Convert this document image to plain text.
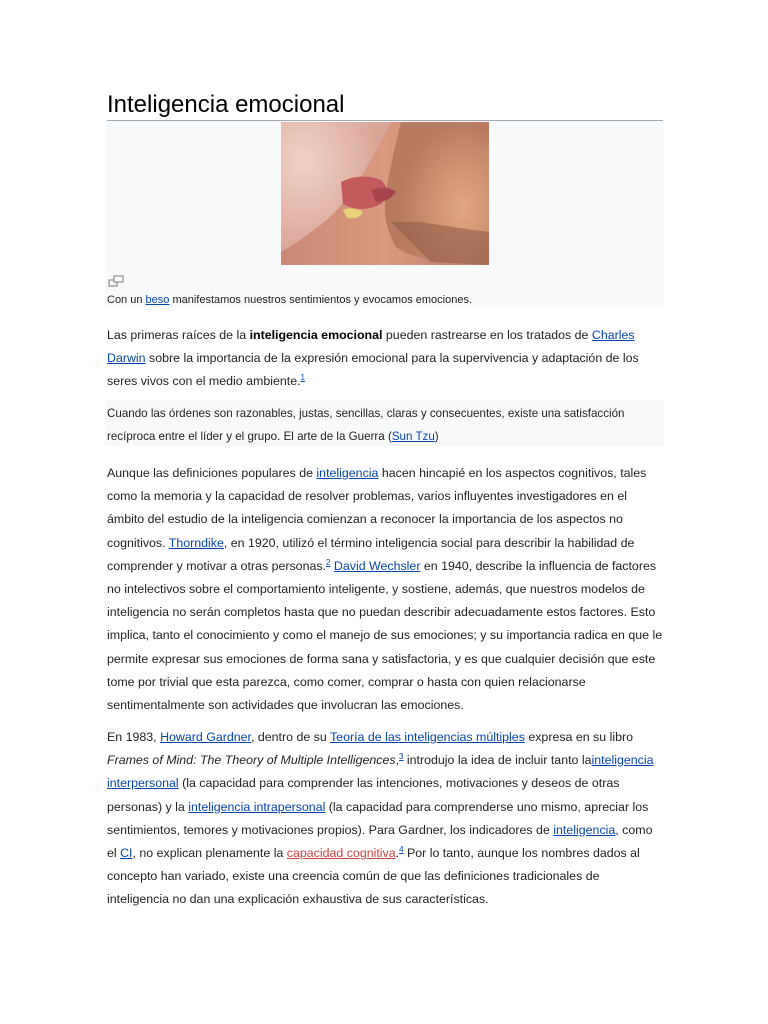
Inteligencia emocional
Con un beso manifestamos nuestros sentimientos y evocamos emociones.

Las primeras raíces de la inteligencia emocional pueden rastrearse en los tratados de Charles Darwin sobre la importancia de la expresión emocional para la supervivencia y adaptación de los seres vivos con el medio ambiente.$^1$

Cuando las órdenes son razonables, justas, sencillas, claras y consecuentes, existe una satisfacción recíproca entre el líder y el grupo. El arte de la Guerra (Sun Tzu)

Aunque las definiciones populares de inteligencia hacen hincapié en los aspectos cognitivos, tales como la memoria y la capacidad de resolver problemas, varios influyentes investigadores en el ámbito del estudio de la inteligencia comienzan a reconocer la importancia de los aspectos no cognitivos. Thorndike, en 1920, utilizó el término inteligencia social para describir la habilidad de comprender y motivar a otras personas.$^2$ David Wechsler en 1940, describe la influencia de factores no intelectivos sobre el comportamiento inteligente, y sostiene, además, que nuestros modelos de inteligencia no serán completos hasta que no puedan describir adecuadamente estos factores. Esto implica, tanto el conocimiento y como el manejo de sus emociones; y su importancia radica en que le permite expresar sus emociones de forma sana y satisfactoria, y es que cualquier decisión que este tome por trivial que esta parezca, como comer, comprar o hasta con quien relacionarse sentimentalmente son actividades que involucran las emociones.

En 1983, Howard Gardner, dentro de su Teoría de las inteligencias múltiples expresa en su libro Frames of Mind: The Theory of Multiple Intelligences,$^3$ introdujo la idea de incluir tanto lainteligencia interpersonal (la capacidad para comprender las intenciones, motivaciones y deseos de otras personas) y la inteligencia intrapersonal (la capacidad para comprenderse uno mismo, apreciar los sentimientos, temores y motivaciones propios). Para Gardner, los indicadores de inteligencia, como el CI, no explican plenamente la capacidad cognitiva.$^4$ Por lo tanto, aunque los nombres dados al concepto han variado, existe una creencia común de que las definiciones tradicionales de inteligencia no dan una explicación exhaustiva de sus características.
